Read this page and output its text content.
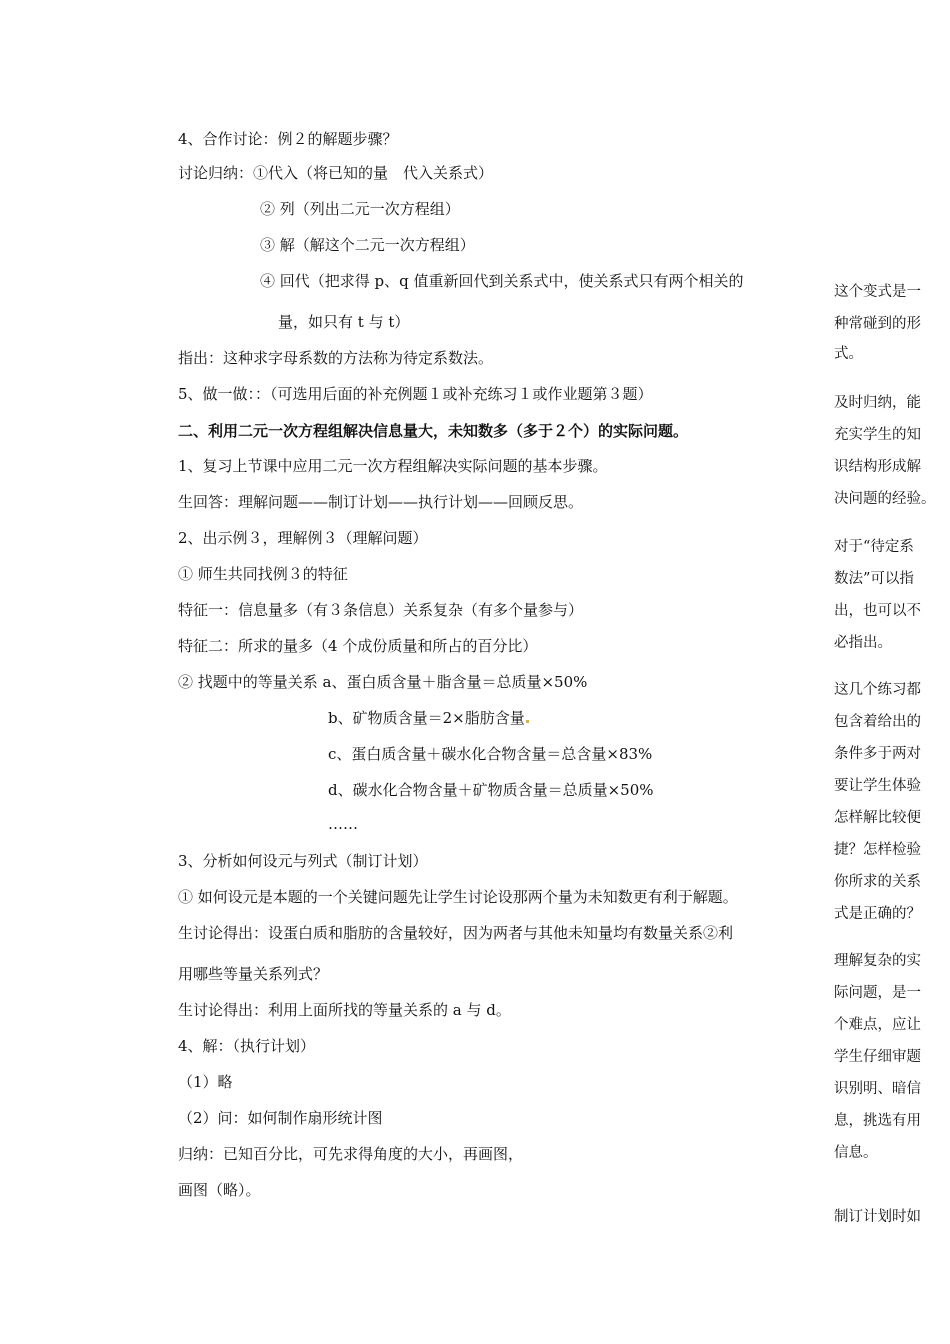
4、合作讨论：例２的解题步骤？
讨论归纳：①代入（将已知的量　代入关系式）
② 列（列出二元一次方程组）
③ 解（解这个二元一次方程组）
④ 回代（把求得 p、q 值重新回代到关系式中，使关系式只有两个相关的
量，如只有 t 与 t）
指出：这种求字母系数的方法称为待定系数法。
5、做一做：：（可选用后面的补充例题１或补充练习１或作业题第３题）
二、利用二元一次方程组解决信息量大，未知数多（多于２个）的实际问题。
1、复习上节课中应用二元一次方程组解决实际问题的基本步骤。
生回答：理解问题——制订计划——执行计划——回顾反思。
2、出示例３，理解例３（理解问题）
① 师生共同找例３的特征
特征一：信息量多（有３条信息）关系复杂（有多个量参与）
特征二：所求的量多（4 个成份质量和所占的百分比）
② 找题中的等量关系 a、蛋白质含量＋脂含量＝总质量×50%
b、矿物质含量＝2×脂肪含量
c、蛋白质含量＋碳水化合物含量＝总含量×83%
d、碳水化合物含量＋矿物质含量＝总质量×50%
……
3、分析如何设元与列式（制订计划）
① 如何设元是本题的一个关键问题先让学生讨论设那两个量为未知数更有利于解题。
生讨论得出：设蛋白质和脂肪的含量较好，因为两者与其他未知量均有数量关系②利
用哪些等量关系列式？
生讨论得出：利用上面所找的等量关系的 a 与 d。
4、解：（执行计划）
（1）略
（2）问：如何制作扇形统计图
归纳：已知百分比，可先求得角度的大小，再画图，
画图（略）。
这个变式是一
种常碰到的形
式。
及时归纳，能
充实学生的知
识结构形成解
决问题的经验。
对于“待定系
数法”可以指
出，也可以不
必指出。
这几个练习都
包含着给出的
条件多于两对
要让学生体验
怎样解比较便
捷？怎样检验
你所求的关系
式是正确的？
理解复杂的实
际问题，是一
个难点，应让
学生仔细审题
识别明、暗信
息，挑选有用
信息。
制订计划时如
